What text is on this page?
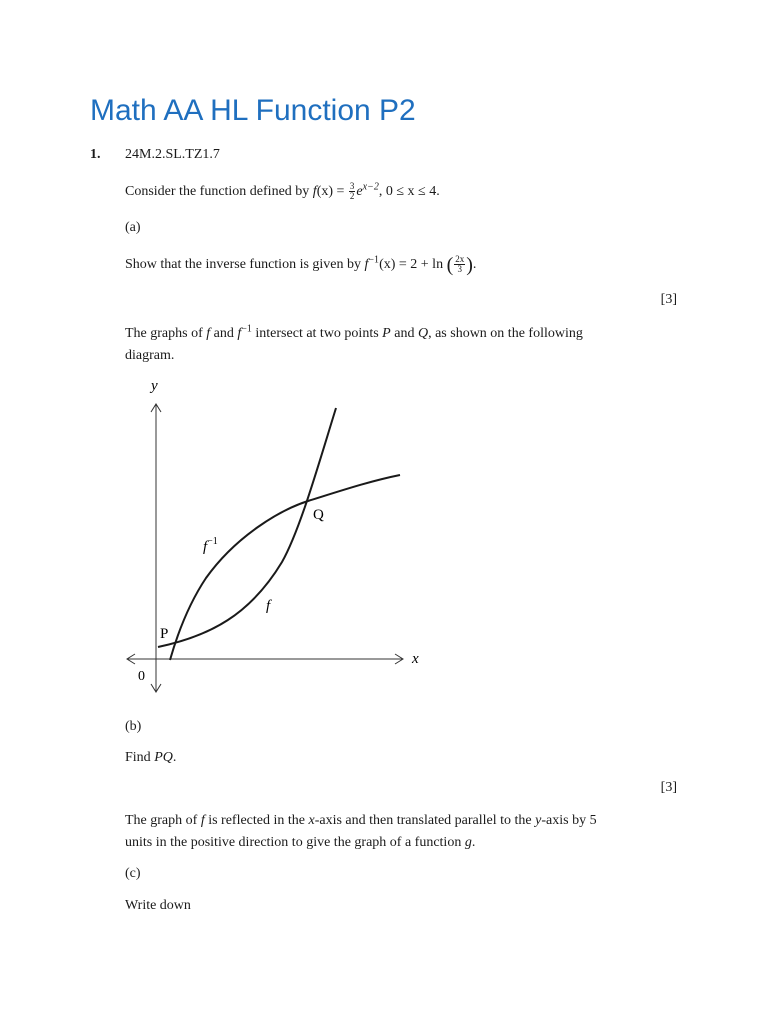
Math AA HL Function P2
1. 24M.2.SL.TZ1.7
Consider the function defined by $f(x) = \frac{3}{2} e^{x-2}$, 0 ≤ x ≤ 4.
(a)
Show that the inverse function is given by $f^{-1}(x) = 2 + \ln$ ( $\frac{2x}{3}$ ).
[3]
The graphs of f and $f^{-1}$ intersect at two points P and Q, as shown on the following
diagram.
y
x
0
P
Q
f
$f^{-1}$
(b)
Find PQ.
[3]
The graph of f is reflected in the x-axis and then translated parallel to the y-axis by 5
units in the positive direction to give the graph of a function g.
(c)
Write down
